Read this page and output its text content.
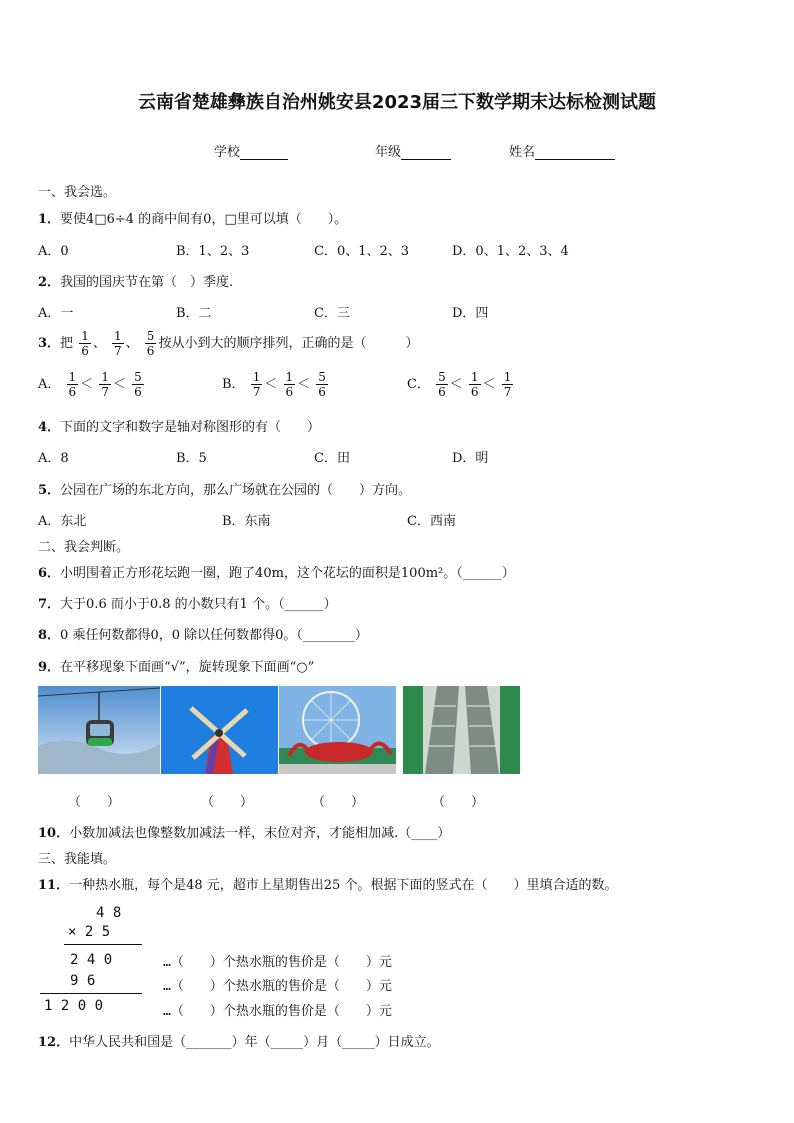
云南省楚雄彝族自治州姚安县2023届三下数学期末达标检测试题
学校	年级	姓名
一、我会选。
1．要使4□6÷4 的商中间有0，□里可以填（　　）。
A．0	B．1、2、3	C．0、1、2、3	D．0、1、2、3、4
2．我国的国庆节在第（　）季度.
A．一	B．二	C．三	D．四
3．把 $\frac{1}{6}$ 、 $\frac{1}{7}$ 、 $\frac{5}{6}$ 按从小到大的顺序排列，正确的是（　　　）
A． $\frac{1}{6} < \frac{1}{7} < \frac{5}{6}$	B． $\frac{1}{7} < \frac{1}{6} < \frac{5}{6}$	C． $\frac{5}{6} < \frac{1}{6} < \frac{1}{7}$
4．下面的文字和数字是轴对称图形的有（　　）
A．8	B．5	C．田	D．明
5．公园在广场的东北方向，那么广场就在公园的（　　）方向。
A．东北	B．东南	C．西南
二、我会判断。
6．小明围着正方形花坛跑一圈，跑了40m，这个花坛的面积是100m²。（______）
7．大于0.6 而小于0.8 的小数只有1 个。（______）
8．0 乘任何数都得0，0 除以任何数都得0。（________）
9．在平移现象下面画“√”，旋转现象下面画“○”
（　　）	（　　）	（　　）	（　　）
10．小数加减法也像整数加减法一样，末位对齐，才能相加减.（____）
三、我能填。
11．一种热水瓶，每个是48 元，超市上星期售出25 个。根据下面的竖式在（　　）里填合适的数。
4 8
× 2 5
2 4 0
9 6
1 2 0 0
…（　　）个热水瓶的售价是（　　）元
…（　　）个热水瓶的售价是（　　）元
…（　　）个热水瓶的售价是（　　）元
12．中华人民共和国是（_______）年（_____）月（_____）日成立。
